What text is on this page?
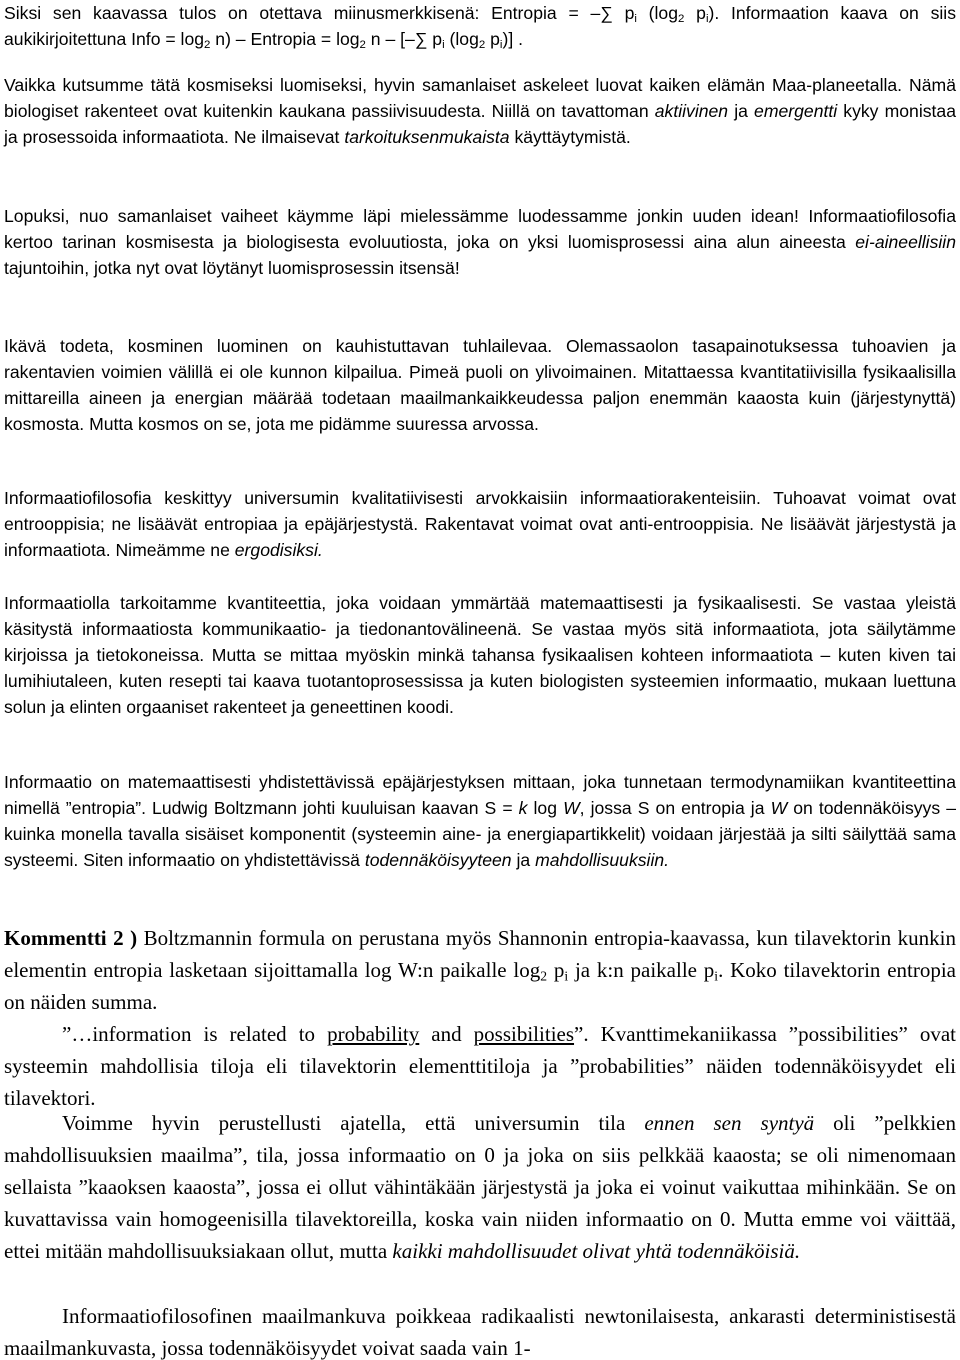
Siksi sen kaavassa tulos on otettava miinusmerkkisenä: Entropia = –∑ $p_i$ ($\log_2$ $p_i$). Informaation kaava on siis aukikirjoitettuna Info = $\log_2 n$) – Entropia = $\log_2 n$ – [–∑ $p_i$ ($\log_2$ $p_i$)] .

Vaikka kutsumme tätä kosmiseksi luomiseksi, hyvin samanlaiset askeleet luovat kaiken elämän Maa-planeetalla. Nämä biologiset rakenteet ovat kuitenkin kaukana passiivisuudesta. Niillä on tavattoman aktiivinen ja emergentti kyky monistaa ja prosessoida informaatiota. Ne ilmaisevat tarkoituksenmukaista käyttäytymistä.

Lopuksi, nuo samanlaiset vaiheet käymme läpi mielessämme luodessamme jonkin uuden idean! Informaatiofilosofia kertoo tarinan kosmisesta ja biologisesta evoluutiosta, joka on yksi luomisprosessi aina alun aineesta ei-aineellisiin tajuntoihin, jotka nyt ovat löytänyt luomisprosessin itsensä!

Ikävä todeta, kosminen luominen on kauhistuttavan tuhlailevaa. Olemassaolon tasapainotuksessa tuhoavien ja rakentavien voimien välillä ei ole kunnon kilpailua. Pimeä puoli on ylivoimainen. Mitattaessa kvantitatiivisilla fysikaalisilla mittareilla aineen ja energian määrää todetaan maailmankaikkeudessa paljon enemmän kaaosta kuin (järjestynyttä) kosmosta. Mutta kosmos on se, jota me pidämme suuressa arvossa.

Informaatiofilosofia keskittyy universumin kvalitatiivisesti arvokkaisiin informaatiorakenteisiin. Tuhoavat voimat ovat entrooppisia; ne lisäävät entropiaa ja epäjärjestystä. Rakentavat voimat ovat anti-entrooppisia. Ne lisäävät järjestystä ja informaatiota. Nimeämme ne ergodisiksi.

Informaatiolla tarkoitamme kvantiteettia, joka voidaan ymmärtää matemaattisesti ja fysikaalisesti. Se vastaa yleistä käsitystä informaatiosta kommunikaatio- ja tiedonantovälineenä. Se vastaa myös sitä informaatiota, jota säilytämme kirjoissa ja tietokoneissa. Mutta se mittaa myöskin minkä tahansa fysikaalisen kohteen informaatiota – kuten kiven tai lumihiutaleen, kuten resepti tai kaava tuotantoprosessissa ja kuten biologisten systeemien informaatio, mukaan luettuna solun ja elinten orgaaniset rakenteet ja geneettinen koodi.

Informaatio on matemaattisesti yhdistettävissä epäjärjestyksen mittaan, joka tunnetaan termodynamiikan kvantiteettina nimellä ”entropia”. Ludwig Boltzmann johti kuuluisan kaavan S = k log W, jossa S on entropia ja W on todennäköisyys – kuinka monella tavalla sisäiset komponentit (systeemin aine- ja energiapartikkelit) voidaan järjestää ja silti säilyttää sama systeemi. Siten informaatio on yhdistettävissä todennäköisyyteen ja mahdollisuuksiin.

Kommentti 2 ) Boltzmannin formula on perustana myös Shannonin entropia-kaavassa, kun tilavektorin kunkin elementin entropia lasketaan sijoittamalla log W:n paikalle $\log_2 p_i$ ja k:n paikalle $p_i$. Koko tilavektorin entropia on näiden summa.

”…information is related to probability and possibilities”. Kvanttimekaniikassa ”possibilities” ovat systeemin mahdollisia tiloja eli tilavektorin elementtitiloja ja ”probabilities” näiden todennäköisyydet eli tilavektori.

Voimme hyvin perustellusti ajatella, että universumin tila ennen sen syntyä oli ”pelkkien mahdollisuuksien maailma”, tila, jossa informaatio on 0 ja joka on siis pelkkää kaaosta; se oli nimenomaan sellaista ”kaaoksen kaaosta”, jossa ei ollut vähintäkään järjestystä ja joka ei voinut vaikuttaa mihinkään. Se on kuvattavissa vain homogeenisilla tilavektoreilla, koska vain niiden informaatio on 0. Mutta emme voi väittää, ettei mitään mahdollisuuksiakaan ollut, mutta kaikki mahdollisuudet olivat yhtä todennäköisiä.

Informaatiofilosofinen maailmankuva poikkeaa radikaalisti newtonilaisesta, ankarasti deterministisestä maailmankuvasta, jossa todennäköisyydet voivat saada vain 1-
